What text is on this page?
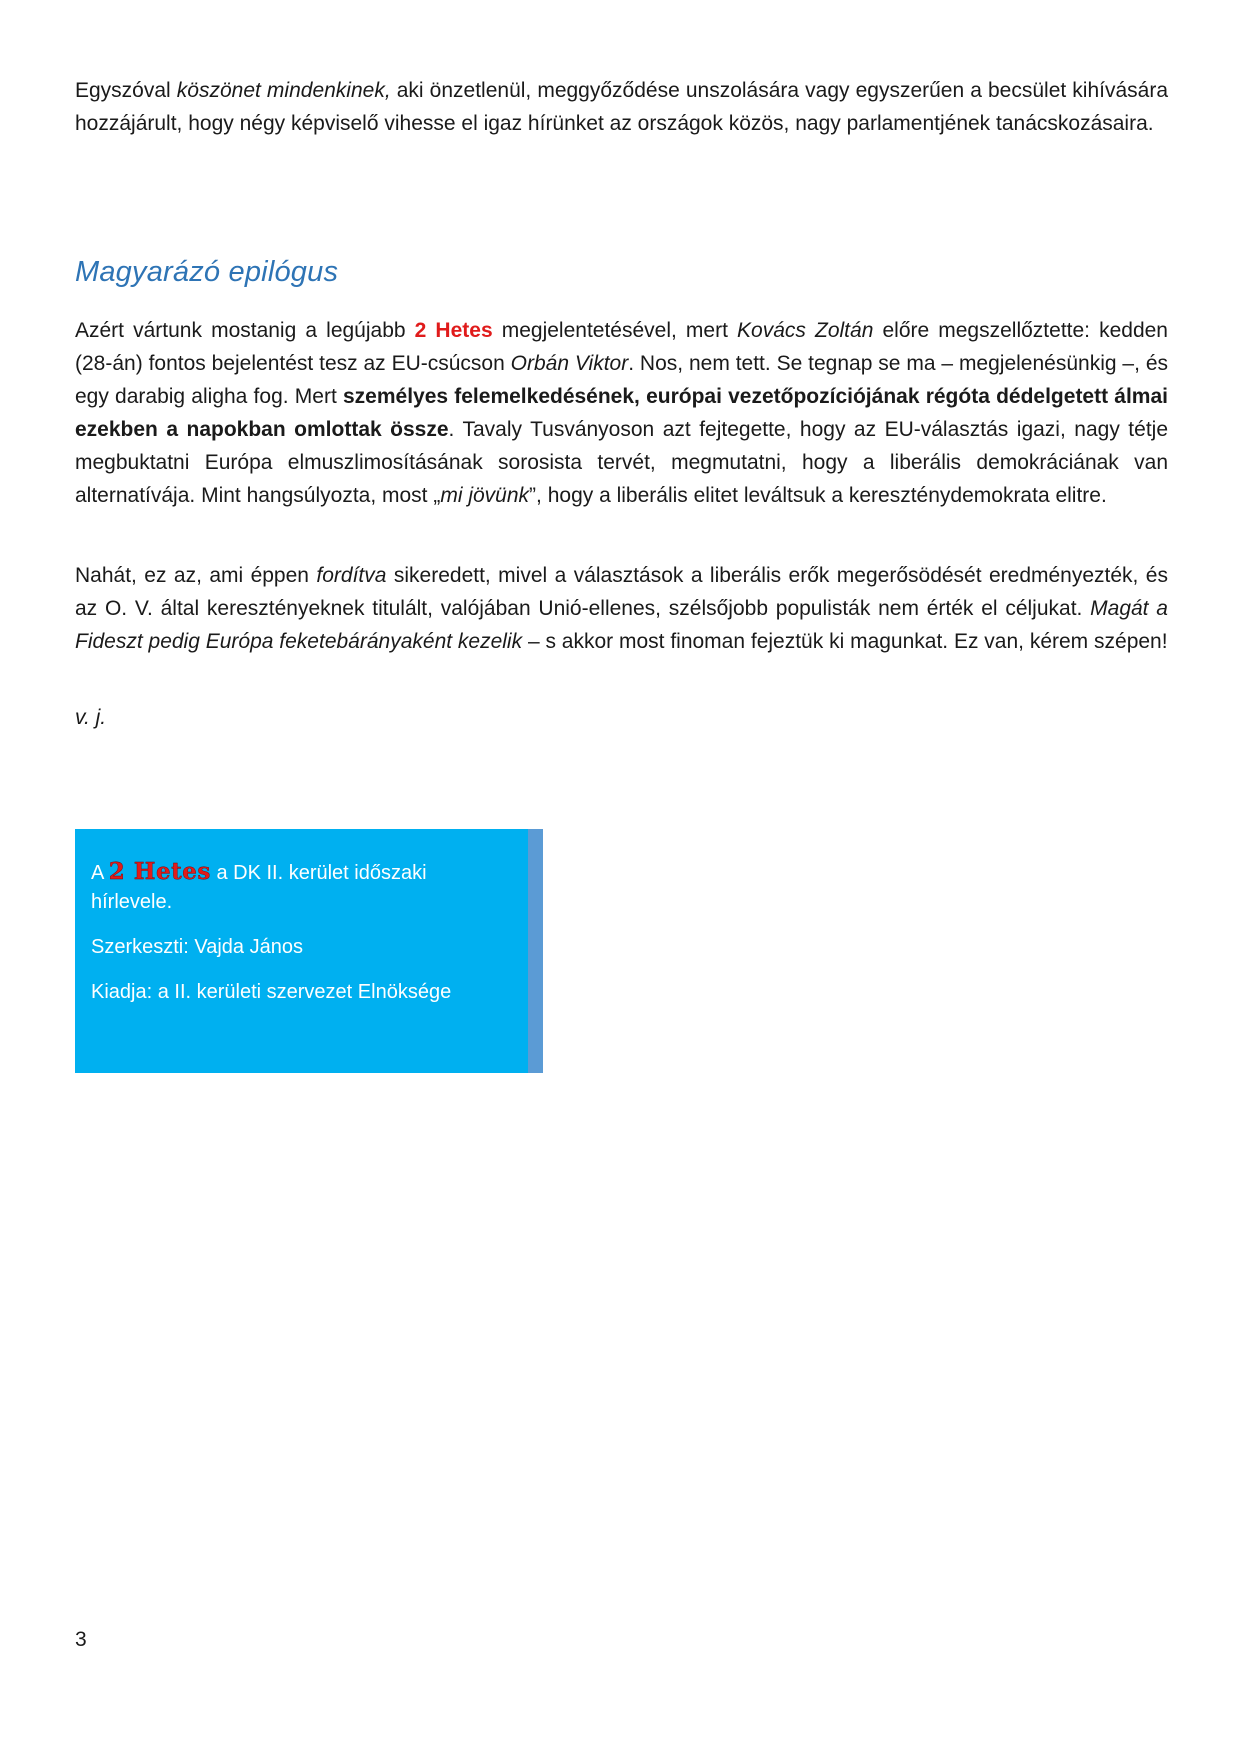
Egyszóval köszönet mindenkinek, aki önzetlenül, meggyőződése unszolására vagy egyszerűen a becsület kihívására hozzájárult, hogy négy képviselő vihesse el igaz hírünket az országok közös, nagy parlamentjének tanácskozásaira.

Magyarázó epilógus

Azért vártunk mostanig a legújabb 2 Hetes megjelentetésével, mert Kovács Zoltán előre megszellőztette: kedden (28-án) fontos bejelentést tesz az EU-csúcson Orbán Viktor. Nos, nem tett. Se tegnap se ma – megjelenésünkig –, és egy darabig aligha fog. Mert személyes felemelkedésének, európai vezetőpozíciójának régóta dédelgetett álmai ezekben a napokban omlottak össze. Tavaly Tusványoson azt fejtegette, hogy az EU-választás igazi, nagy tétje megbuktatni Európa elmuszlimosításának sorosista tervét, megmutatni, hogy a liberális demokráciának van alternatívája. Mint hangsúlyozta, most „mi jövünk”, hogy a liberális elitet leváltsuk a kereszténydemokrata elitre.

Nahát, ez az, ami éppen fordítva sikeredett, mivel a választások a liberális erők megerősödését eredményezték, és az O. V. által keresztényeknek titulált, valójában Unió-ellenes, szélsőjobb populisták nem érték el céljukat. Magát a Fideszt pedig Európa feketebárányaként kezelik – s akkor most finoman fejeztük ki magunkat. Ez van, kérem szépen!

v. j.

A 2 Hetes a DK II. kerület időszaki hírlevele.

Szerkeszti: Vajda János

Kiadja: a II. kerületi szervezet Elnöksége

3
